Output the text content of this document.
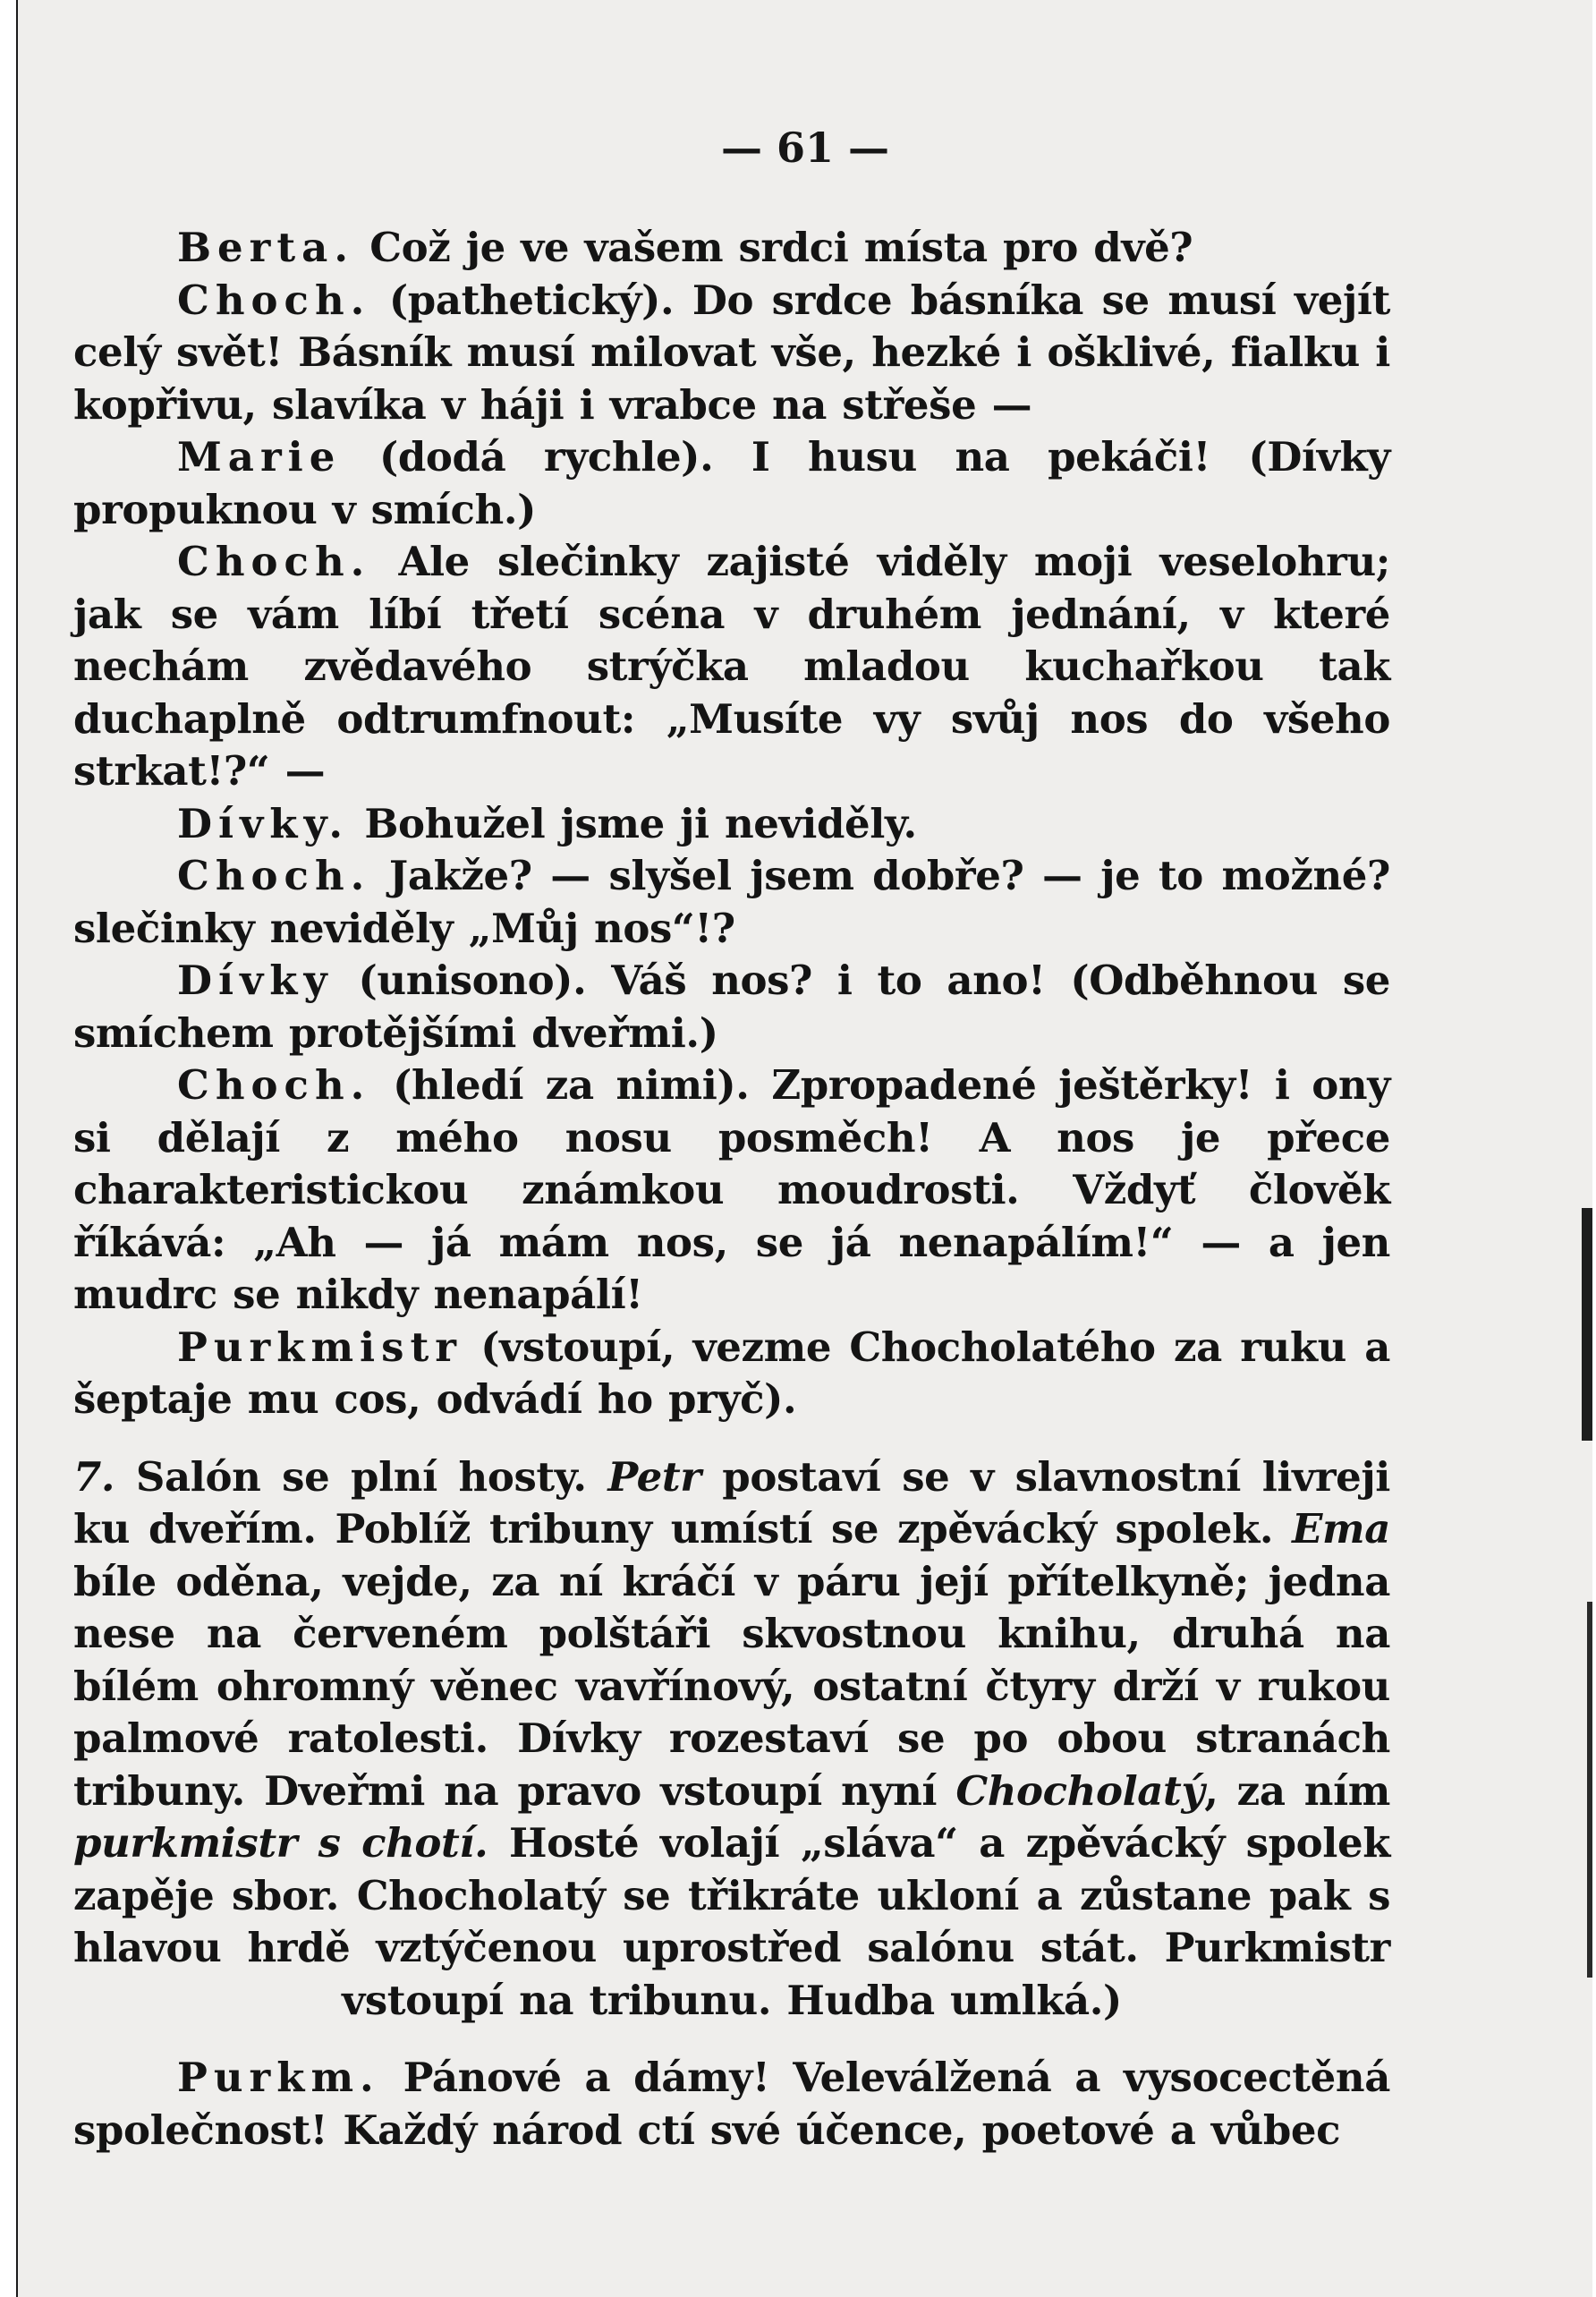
— 61 —

Berta. Což je ve vašem srdci místa pro dvě?

Choch. (pathetický). Do srdce básníka se musí vejít celý svět! Básník musí milovat vše, hezké i ošklivé, fialku i kopřivu, slavíka v háji i vrabce na střeše —

Marie (dodá rychle). I husu na pekáči! (Dívky propuknou v smích.)

Choch. Ale slečinky zajisté viděly moji veselohru; jak se vám líbí třetí scéna v druhém jednání, v které nechám zvědavého strýčka mladou kuchařkou tak duchaplně odtrumfnout: „Musíte vy svůj nos do všeho strkat!?“ —

Dívky. Bohužel jsme ji neviděly.

Choch. Jakže? — slyšel jsem dobře? — je to možné? slečinky neviděly „Můj nos“!?

Dívky (unisono). Váš nos? i to ano! (Odběhnou se smíchem protějšími dveřmi.)

Choch. (hledí za nimi). Zpropadené ještěrky! i ony si dělají z mého nosu posměch! A nos je přece charakteristickou známkou moudrosti. Vždyť člověk říkává: „Ah — já mám nos, se já nenapálím!“ — a jen mudrc se nikdy nenapálí!

Purkmistr (vstoupí, vezme Chocholatého za ruku a šeptaje mu cos, odvádí ho pryč).

7. Salón se plní hosty. Petr postaví se v slavnostní livreji ku dveřím. Poblíž tribuny umístí se zpěvácký spolek. Ema bíle oděna, vejde, za ní kráčí v páru její přítelkyně; jedna nese na červeném polštáři skvostnou knihu, druhá na bílém ohromný věnec vavřínový, ostatní čtyry drží v rukou palmové ratolesti. Dívky rozestaví se po obou stranách tribuny. Dveřmi na pravo vstoupí nyní Chocholatý, za ním purkmistr s chotí. Hosté volají „sláva“ a zpěvácký spolek zapěje sbor. Chocholatý se třikráte ukloní a zůstane pak s hlavou hrdě vztýčenou uprostřed salónu stát. Purkmistr vstoupí na tribunu. Hudba umlká.)

Purkm. Pánové a dámy! Veleválžená a vysocectěná společnost! Každý národ ctí své účence, poetové a vůbec
